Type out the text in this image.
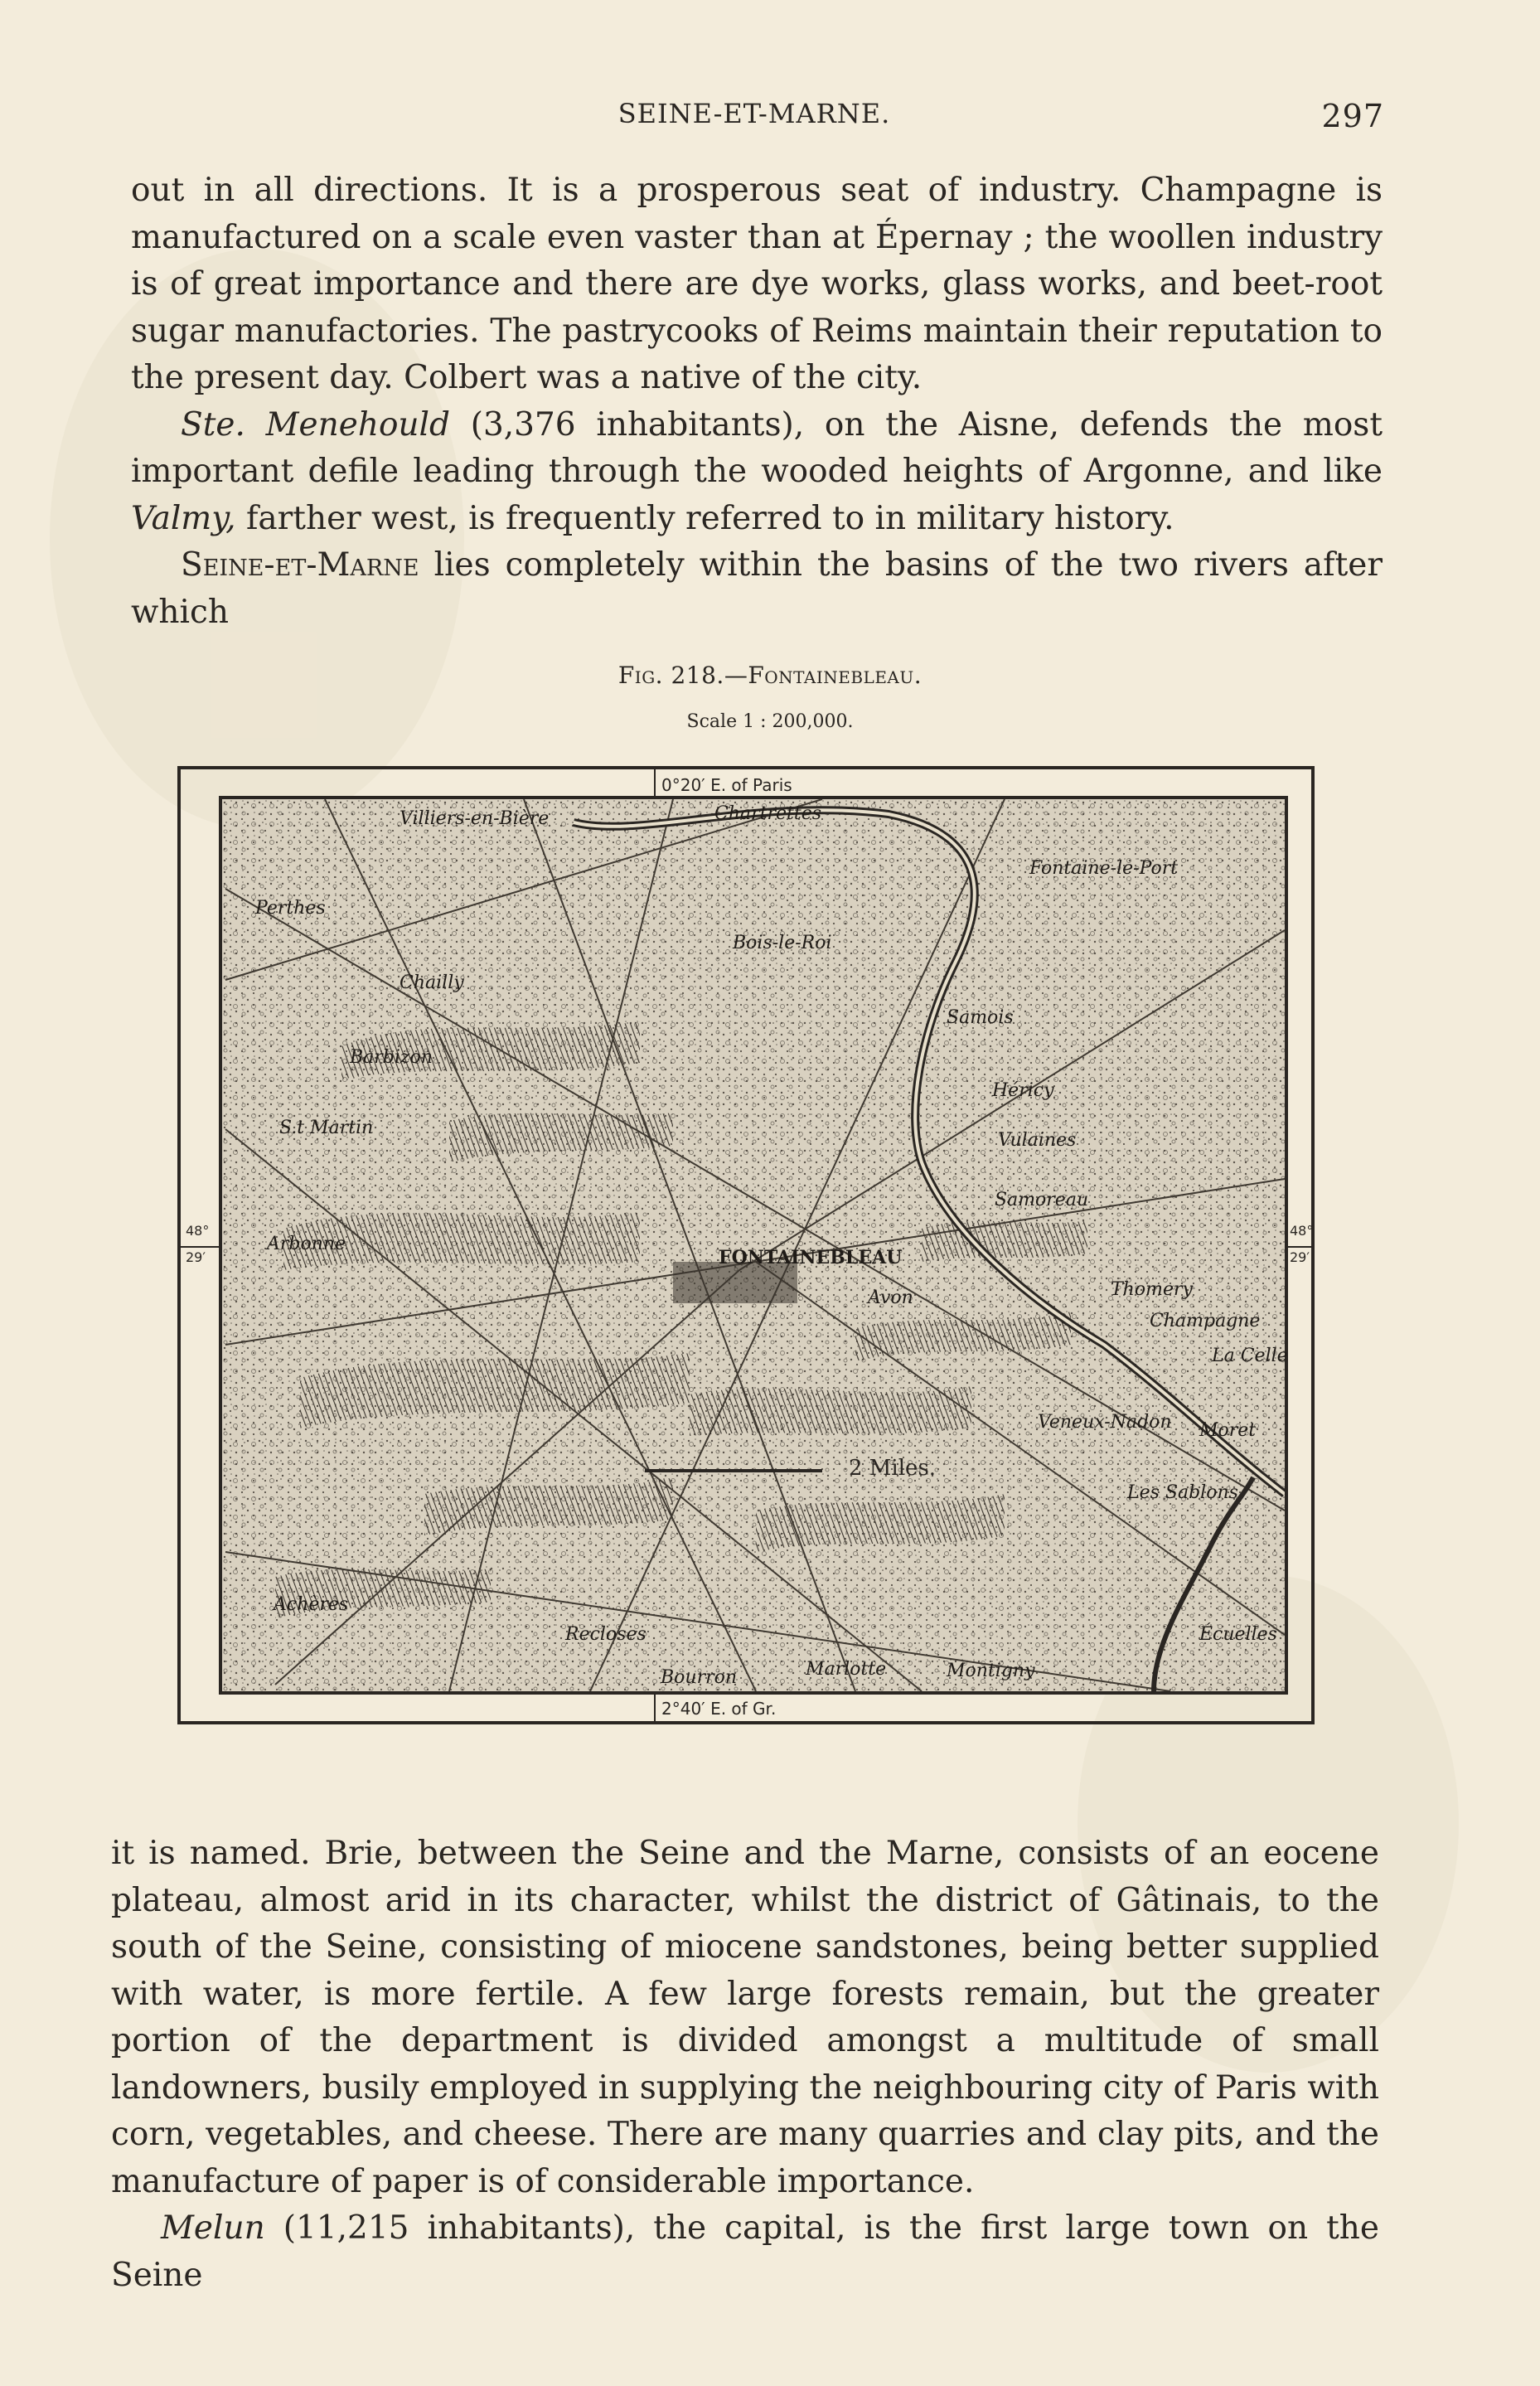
SEINE-ET-MARNE.	297

out in all directions. It is a prosperous seat of industry. Champagne is manufactured on a scale even vaster than at Épernay ; the woollen industry is of great importance and there are dye works, glass works, and beet-root sugar manufactories. The pastrycooks of Reims maintain their reputation to the present day. Colbert was a native of the city.

Ste. Menehould (3,376 inhabitants), on the Aisne, defends the most important defile leading through the wooded heights of Argonne, and like Valmy, farther west, is frequently referred to in military history.

Seine-et-Marne lies completely within the basins of the two rivers after which

Fig. 218.—Fontainebleau.
Scale 1 : 200,000.
0°20′ E. of Paris
2°40′ E. of Gr.
48°
29′
48°
29′
Villiers-en-Bière	Chartrettes
Fontaine-le-Port
Perthes
Chailly
Bois-le-Roi
Samois
Barbizon
S.t Martin
Héricy
Vulaines
Samoreau
Arbonne
FONTAINEBLEAU
Avon	Thomery
Champagne
La Celle
Moret
Les Sablons
Veneux-Nadon
Achères
Recloses
Bourron	Marlotte	Montigny
Écuelles
2 Miles.

it is named. Brie, between the Seine and the Marne, consists of an eocene plateau, almost arid in its character, whilst the district of Gâtinais, to the south of the Seine, consisting of miocene sandstones, being better supplied with water, is more fertile. A few large forests remain, but the greater portion of the department is divided amongst a multitude of small landowners, busily employed in supplying the neighbouring city of Paris with corn, vegetables, and cheese. There are many quarries and clay pits, and the manufacture of paper is of considerable importance.

Melun (11,215 inhabitants), the capital, is the first large town on the Seine
